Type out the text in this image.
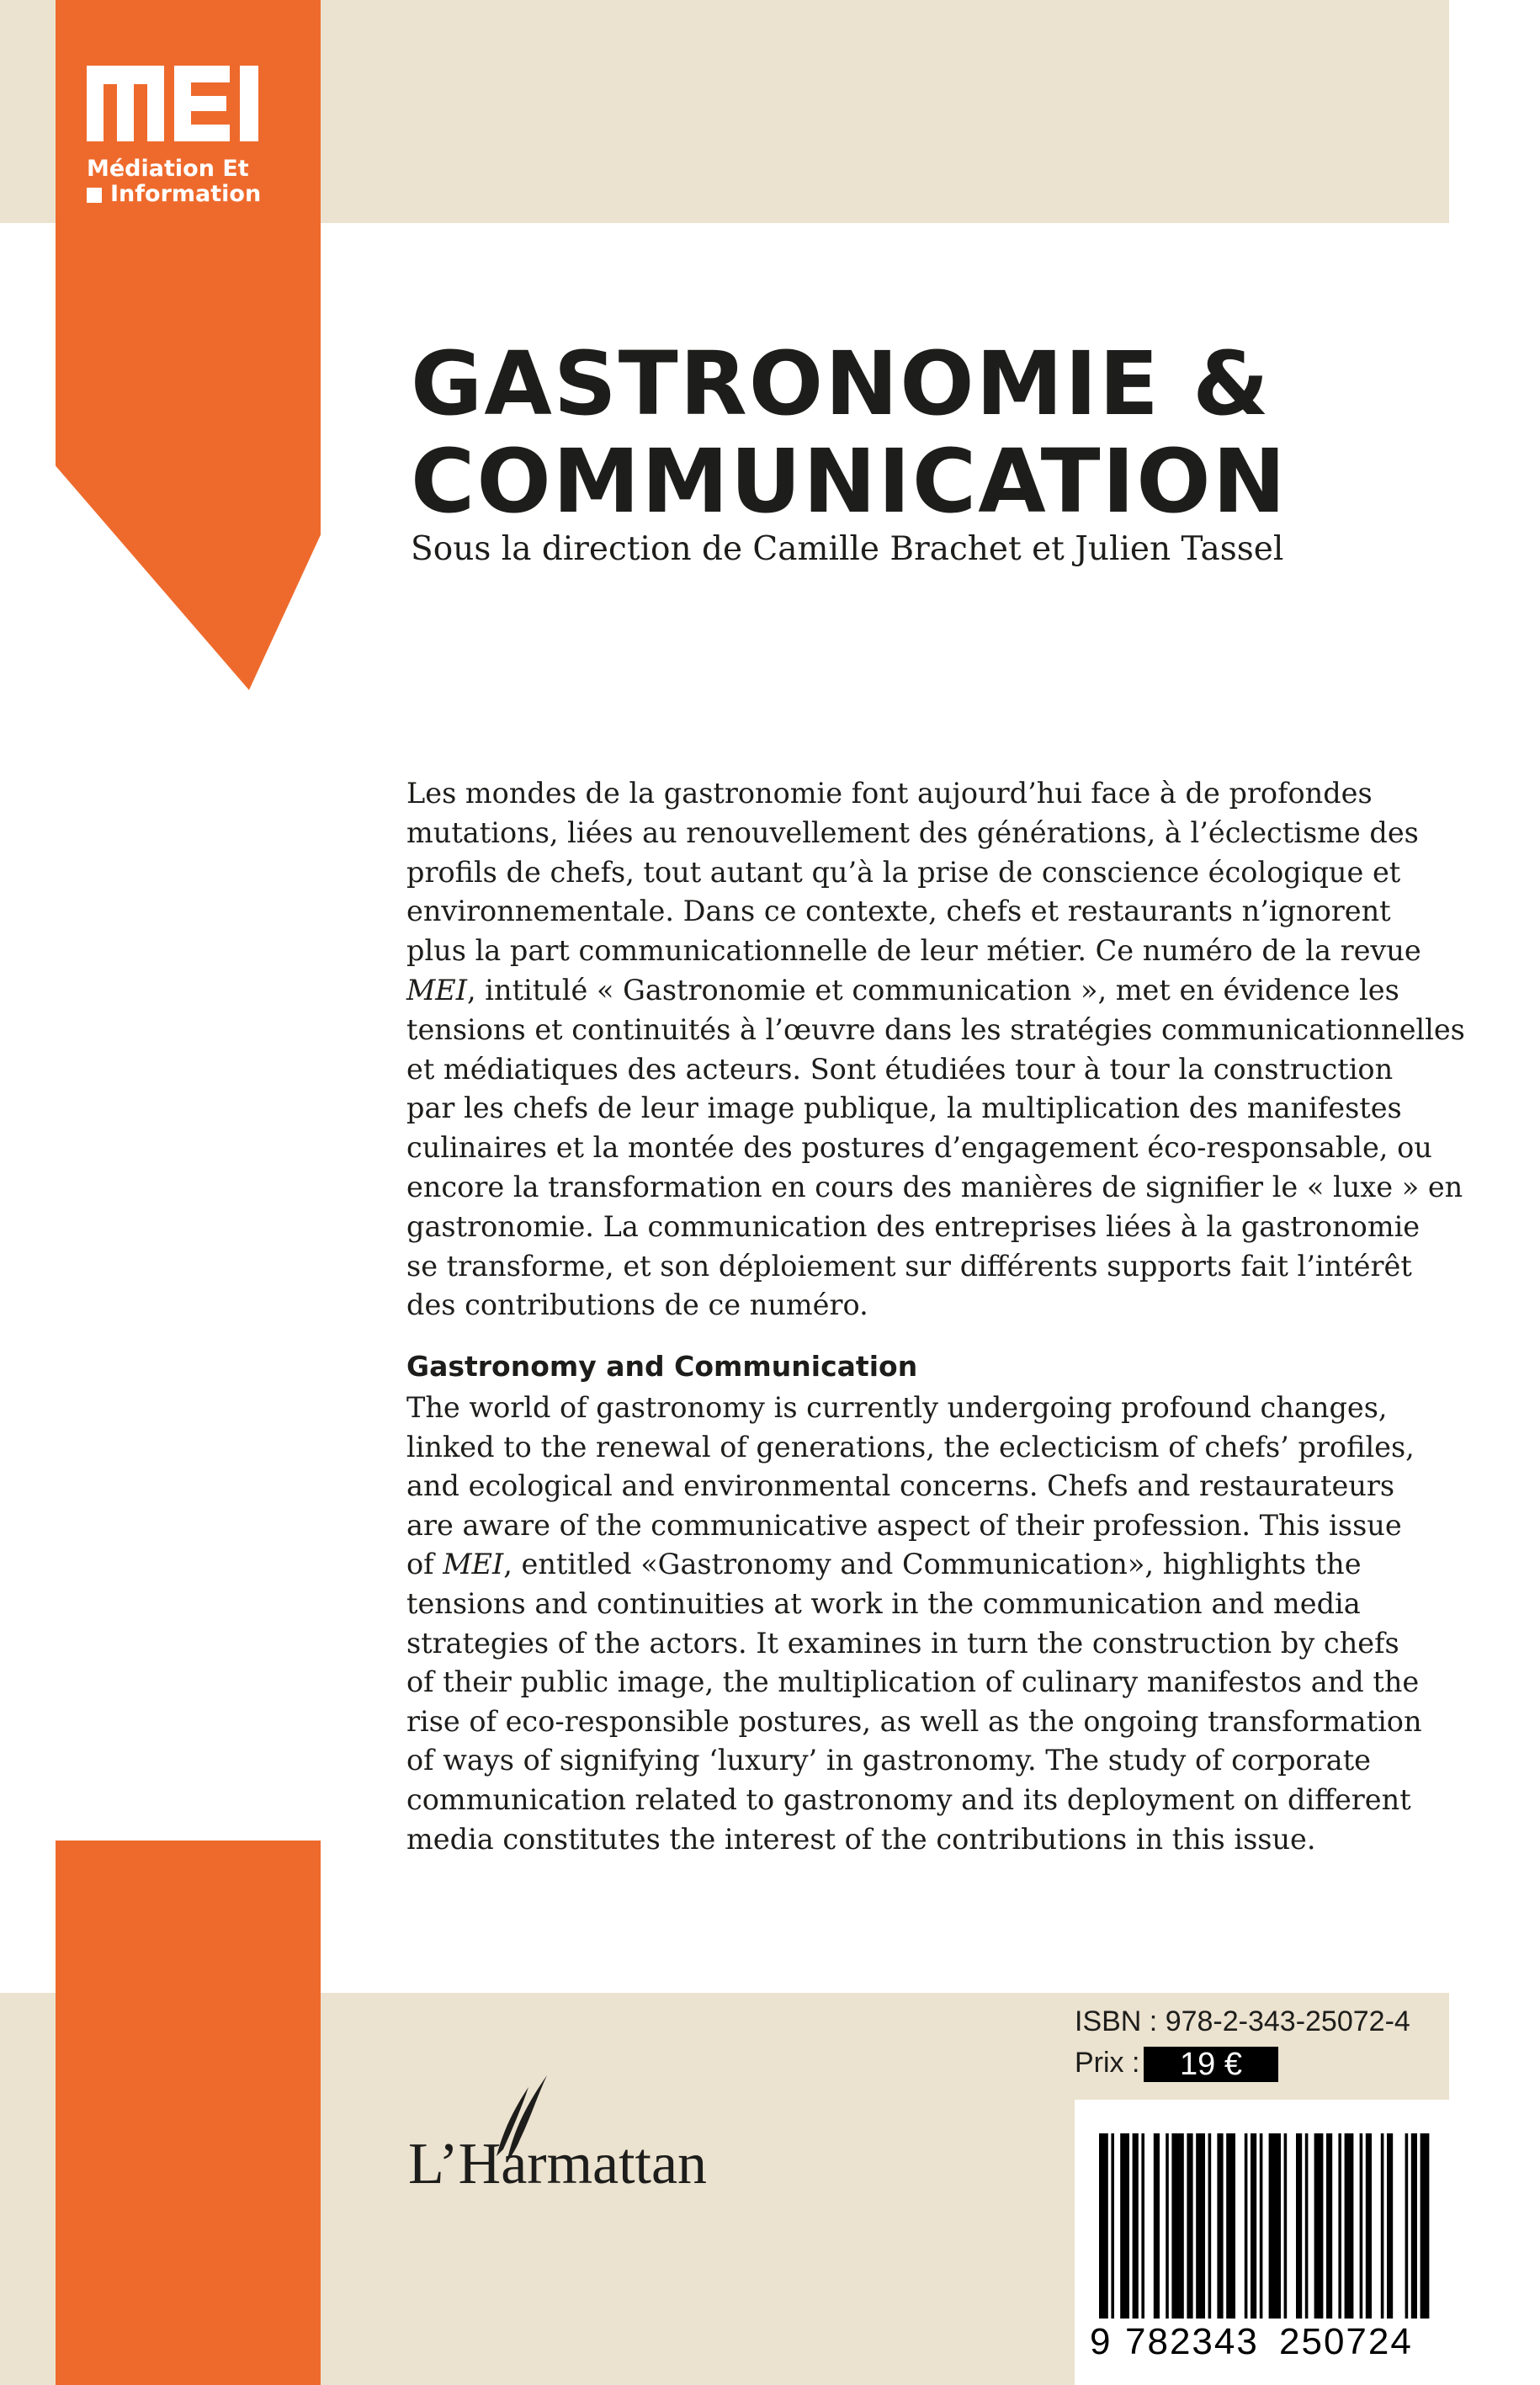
Médiation Et
Information
GASTRONOMIE &
COMMUNICATION
Sous la direction de Camille Brachet et Julien Tassel
Les mondes de la gastronomie font aujourd’hui face à de profondes
mutations, liées au renouvellement des générations, à l’éclectisme des
profils de chefs, tout autant qu’à la prise de conscience écologique et
environnementale. Dans ce contexte, chefs et restaurants n’ignorent
plus la part communicationnelle de leur métier. Ce numéro de la revue
MEI, intitulé « Gastronomie et communication », met en évidence les
tensions et continuités à l’œuvre dans les stratégies communicationnelles
et médiatiques des acteurs. Sont étudiées tour à tour la construction
par les chefs de leur image publique, la multiplication des manifestes
culinaires et la montée des postures d’engagement éco-responsable, ou
encore la transformation en cours des manières de signifier le « luxe » en
gastronomie. La communication des entreprises liées à la gastronomie
se transforme, et son déploiement sur différents supports fait l’intérêt
des contributions de ce numéro.
Gastronomy and Communication
The world of gastronomy is currently undergoing profound changes,
linked to the renewal of generations, the eclecticism of chefs’ profiles,
and ecological and environmental concerns. Chefs and restaurateurs
are aware of the communicative aspect of their profession. This issue
of MEI, entitled «Gastronomy and Communication», highlights the
tensions and continuities at work in the communication and media
strategies of the actors. It examines in turn the construction by chefs
of their public image, the multiplication of culinary manifestos and the
rise of eco-responsible postures, as well as the ongoing transformation
of ways of signifying ‘luxury’ in gastronomy. The study of corporate
communication related to gastronomy and its deployment on different
media constitutes the interest of the contributions in this issue.
ISBN : 978-2-343-25072-4
Prix :	19 €
L’Harmattan
9 782343 250724
